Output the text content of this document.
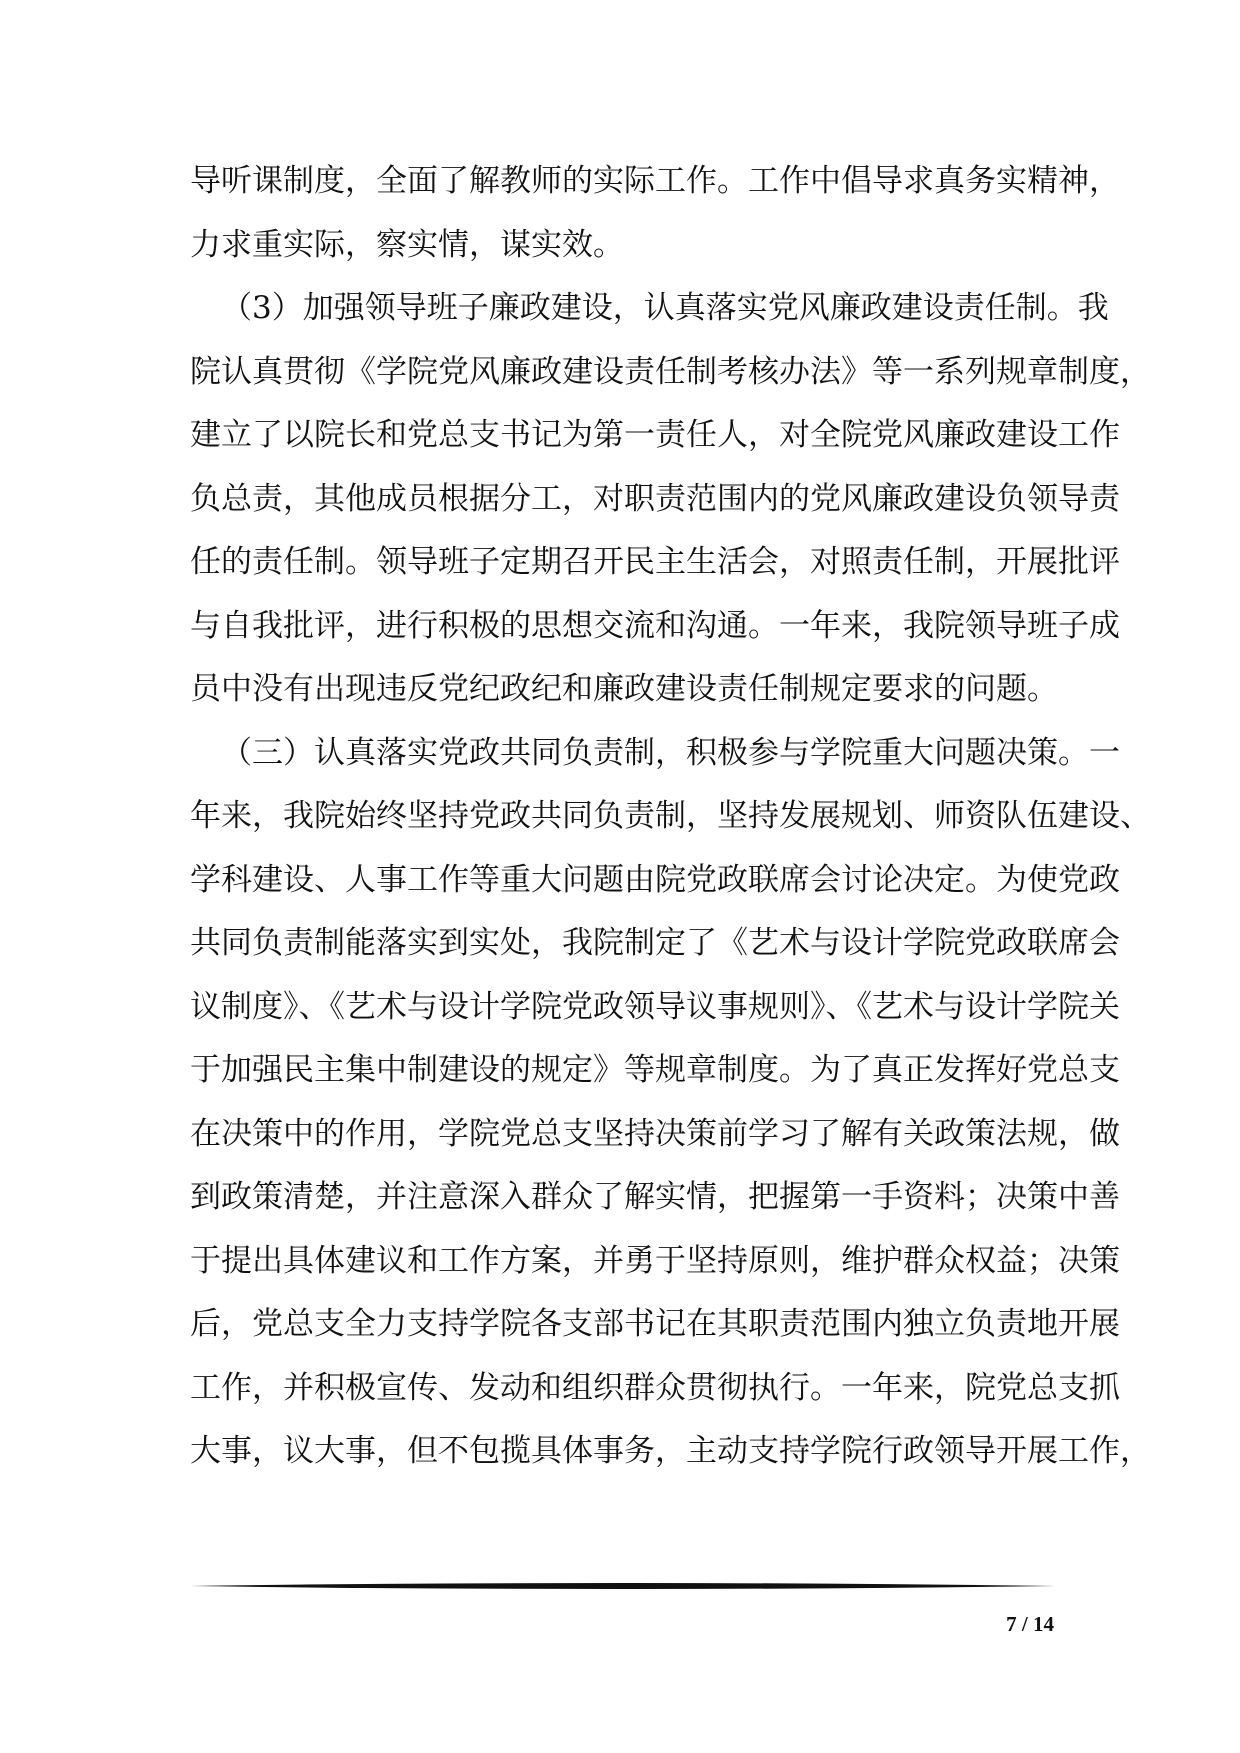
导听课制度，全面了解教师的实际工作。工作中倡导求真务实精神，
力求重实际，察实情，谋实效。
（3）加强领导班子廉政建设，认真落实党风廉政建设责任制。我
院认真贯彻《学院党风廉政建设责任制考核办法》等一系列规章制度，
建立了以院长和党总支书记为第一责任人，对全院党风廉政建设工作
负总责，其他成员根据分工，对职责范围内的党风廉政建设负领导责
任的责任制。领导班子定期召开民主生活会，对照责任制，开展批评
与自我批评，进行积极的思想交流和沟通。一年来，我院领导班子成
员中没有出现违反党纪政纪和廉政建设责任制规定要求的问题。
（三）认真落实党政共同负责制，积极参与学院重大问题决策。一
年来，我院始终坚持党政共同负责制，坚持发展规划、师资队伍建设、
学科建设、人事工作等重大问题由院党政联席会讨论决定。为使党政
共同负责制能落实到实处，我院制定了《艺术与设计学院党政联席会
议制度》、《艺术与设计学院党政领导议事规则》、《艺术与设计学院关
于加强民主集中制建设的规定》等规章制度。为了真正发挥好党总支
在决策中的作用，学院党总支坚持决策前学习了解有关政策法规，做
到政策清楚，并注意深入群众了解实情，把握第一手资料；决策中善
于提出具体建议和工作方案，并勇于坚持原则，维护群众权益；决策
后，党总支全力支持学院各支部书记在其职责范围内独立负责地开展
工作，并积极宣传、发动和组织群众贯彻执行。一年来，院党总支抓
大事，议大事，但不包揽具体事务，主动支持学院行政领导开展工作，
7 / 14
